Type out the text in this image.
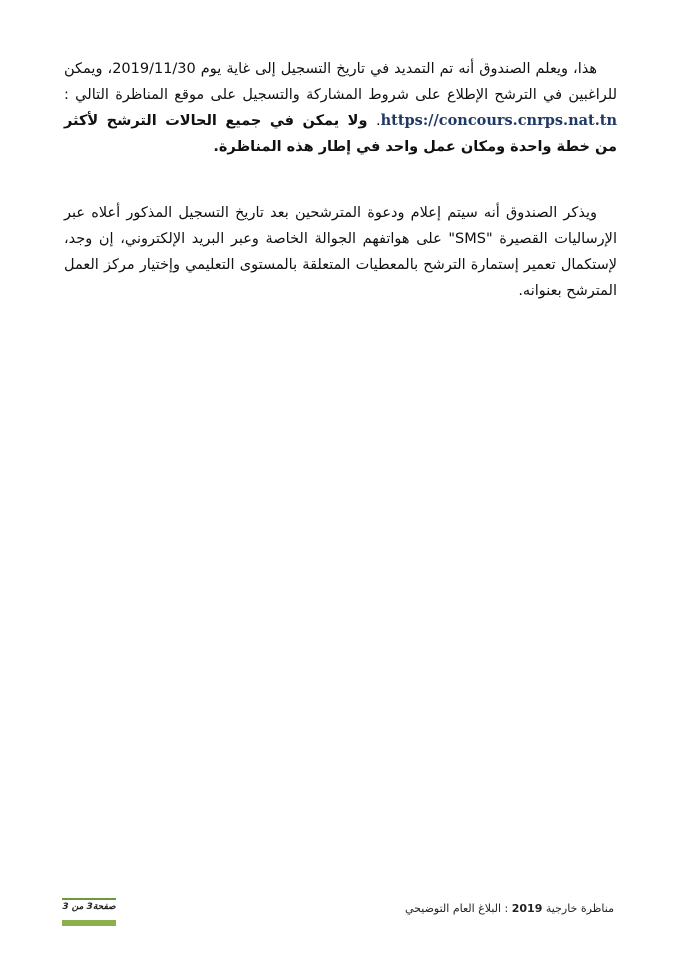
هذا، ويعلم الصندوق أنه تم التمديد في تاريخ التسجيل إلى غاية يوم 2019/11/30، ويمكن للراغبين في الترشح الإطلاع على شروط المشاركة والتسجيل على موقع المناظرة التالي : https://concours.cnrps.nat.tn. ولا يمكن في جميع الحالات الترشح لأكثر من خطة واحدة ومكان عمل واحد في إطار هذه المناظرة.

ويذكر الصندوق أنه سيتم إعلام ودعوة المترشحين بعد تاريخ التسجيل المذكور أعلاه عبر الإرساليات القصيرة "SMS" على هواتفهم الجوالة الخاصة وعبر البريد الإلكتروني، إن وجد، لإستكمال تعمير إستمارة الترشح بالمعطيات المتعلقة بالمستوى التعليمي وإختيار مركز العمل المترشح بعنوانه.

صفحة3 من 3	مناظرة خارجية 2019 : البلاغ العام التوضيحي
